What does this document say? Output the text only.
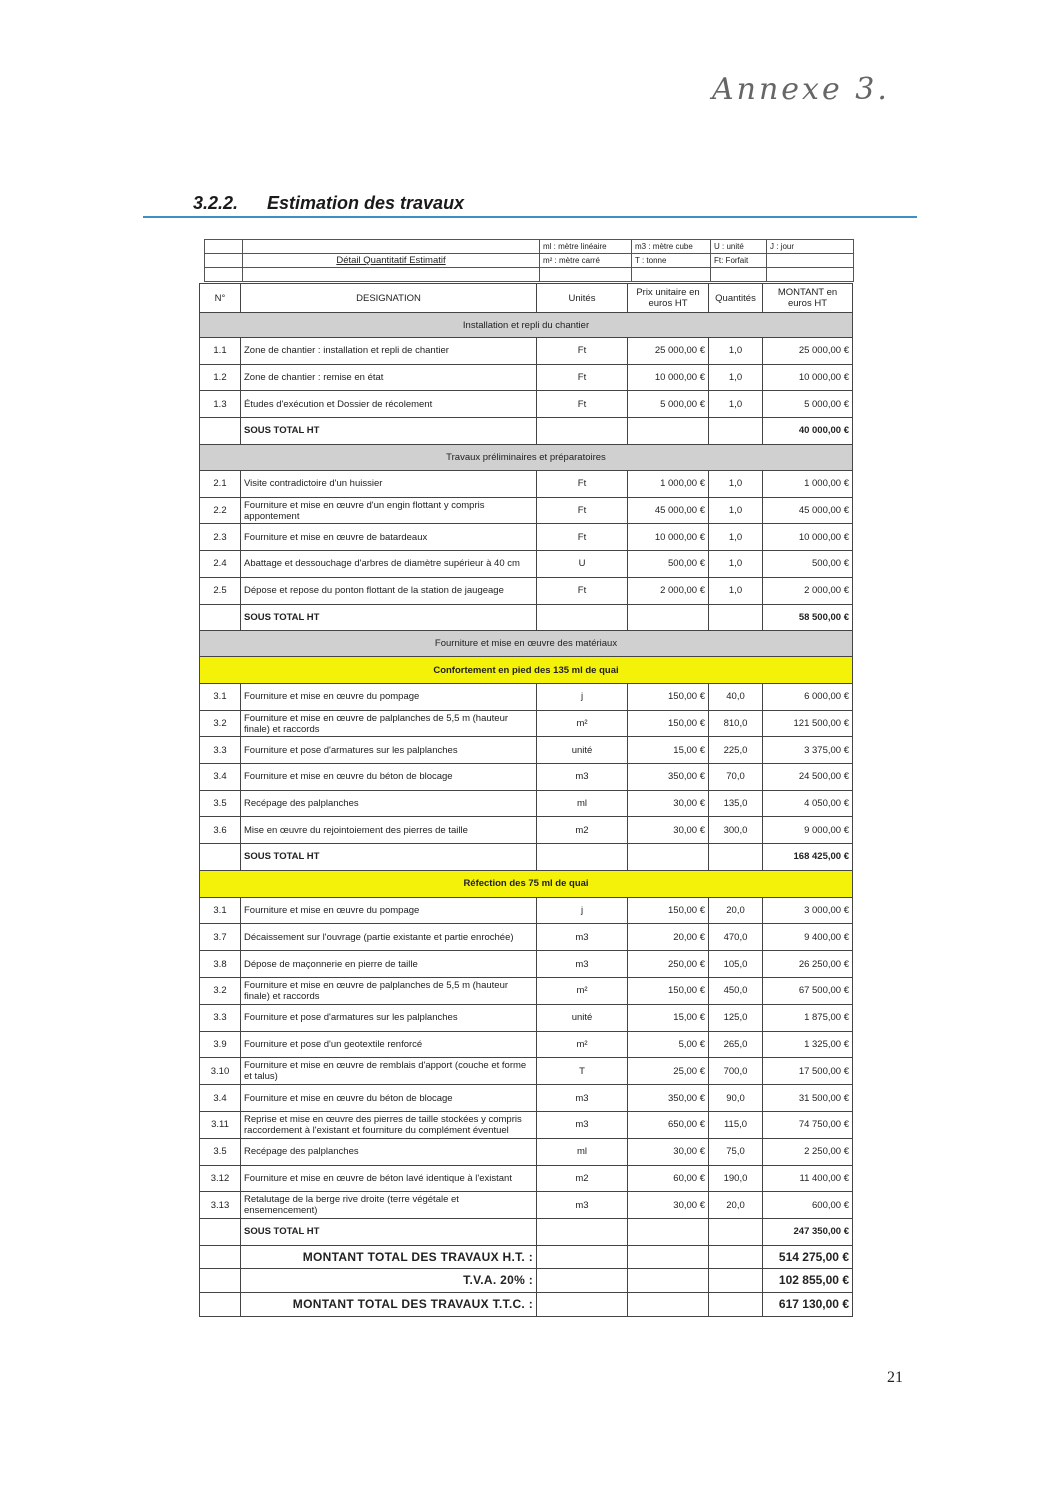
Annexe 3.
3.2.2. Estimation des travaux
		ml : mètre linéaire	m3 : mètre cube	U : unité	J : jour
	Détail Quantitatif Estimatif	m² : mètre carré	T : tonne	Ft: Forfait	

N°	DESIGNATION	Unités	Prix unitaire en euros HT	Quantités	MONTANT en euros HT
Installation et repli du chantier					
1.1	Zone de chantier : installation et repli de chantier	Ft	25 000,00 €	1,0	25 000,00 €
1.2	Zone de chantier : remise en état	Ft	10 000,00 €	1,0	10 000,00 €
1.3	Études d'exécution et Dossier de récolement	Ft	5 000,00 €	1,0	5 000,00 €
	SOUS TOTAL HT				40 000,00 €
Travaux préliminaires et préparatoires					
2.1	Visite contradictoire d'un huissier	Ft	1 000,00 €	1,0	1 000,00 €
2.2	Fourniture et mise en œuvre d'un engin flottant y compris appontement	Ft	45 000,00 €	1,0	45 000,00 €
2.3	Fourniture et mise en œuvre de batardeaux	Ft	10 000,00 €	1,0	10 000,00 €
2.4	Abattage et dessouchage d'arbres de diamètre supérieur à 40 cm	U	500,00 €	1,0	500,00 €
2.5	Dépose et repose du ponton flottant de la station de jaugeage	Ft	2 000,00 €	1,0	2 000,00 €
	SOUS TOTAL HT				58 500,00 €
Fourniture et mise en œuvre des matériaux					
Confortement en pied des 135 ml de quai					
3.1	Fourniture et mise en œuvre du pompage	j	150,00 €	40,0	6 000,00 €
3.2	Fourniture et mise en œuvre de palplanches de 5,5 m (hauteur finale) et raccords	m²	150,00 €	810,0	121 500,00 €
3.3	Fourniture et pose d'armatures sur les palplanches	unité	15,00 €	225,0	3 375,00 €
3.4	Fourniture et mise en œuvre du béton de blocage	m3	350,00 €	70,0	24 500,00 €
3.5	Recépage des palplanches	ml	30,00 €	135,0	4 050,00 €
3.6	Mise en œuvre du rejointoiement des pierres de taille	m2	30,00 €	300,0	9 000,00 €
	SOUS TOTAL HT				168 425,00 €
Réfection des 75 ml de quai					
3.1	Fourniture et mise en œuvre du pompage	j	150,00 €	20,0	3 000,00 €
3.7	Décaissement sur l'ouvrage (partie existante et partie enrochée)	m3	20,00 €	470,0	9 400,00 €
3.8	Dépose de maçonnerie en pierre de taille	m3	250,00 €	105,0	26 250,00 €
3.2	Fourniture et mise en œuvre de palplanches de 5,5 m (hauteur finale) et raccords	m²	150,00 €	450,0	67 500,00 €
3.3	Fourniture et pose d'armatures sur les palplanches	unité	15,00 €	125,0	1 875,00 €
3.9	Fourniture et pose d'un geotextile renforcé	m²	5,00 €	265,0	1 325,00 €
3.10	Fourniture et mise en œuvre de remblais d'apport (couche et forme et talus)	T	25,00 €	700,0	17 500,00 €
3.4	Fourniture et mise en œuvre du béton de blocage	m3	350,00 €	90,0	31 500,00 €
3.11	Reprise et mise en œuvre des pierres de taille stockées y compris raccordement à l'existant et fourniture du complément éventuel	m3	650,00 €	115,0	74 750,00 €
3.5	Recépage des palplanches	ml	30,00 €	75,0	2 250,00 €
3.12	Fourniture et mise en œuvre de béton lavé identique à l'existant	m2	60,00 €	190,0	11 400,00 €
3.13	Retalutage de la berge rive droite (terre végétale et ensemencement)	m3	30,00 €	20,0	600,00 €
	SOUS TOTAL HT				247 350,00 €
	MONTANT TOTAL DES TRAVAUX H.T. :				514 275,00 €
	T.V.A. 20% :				102 855,00 €
	MONTANT TOTAL DES TRAVAUX T.T.C. :				617 130,00 €
21
